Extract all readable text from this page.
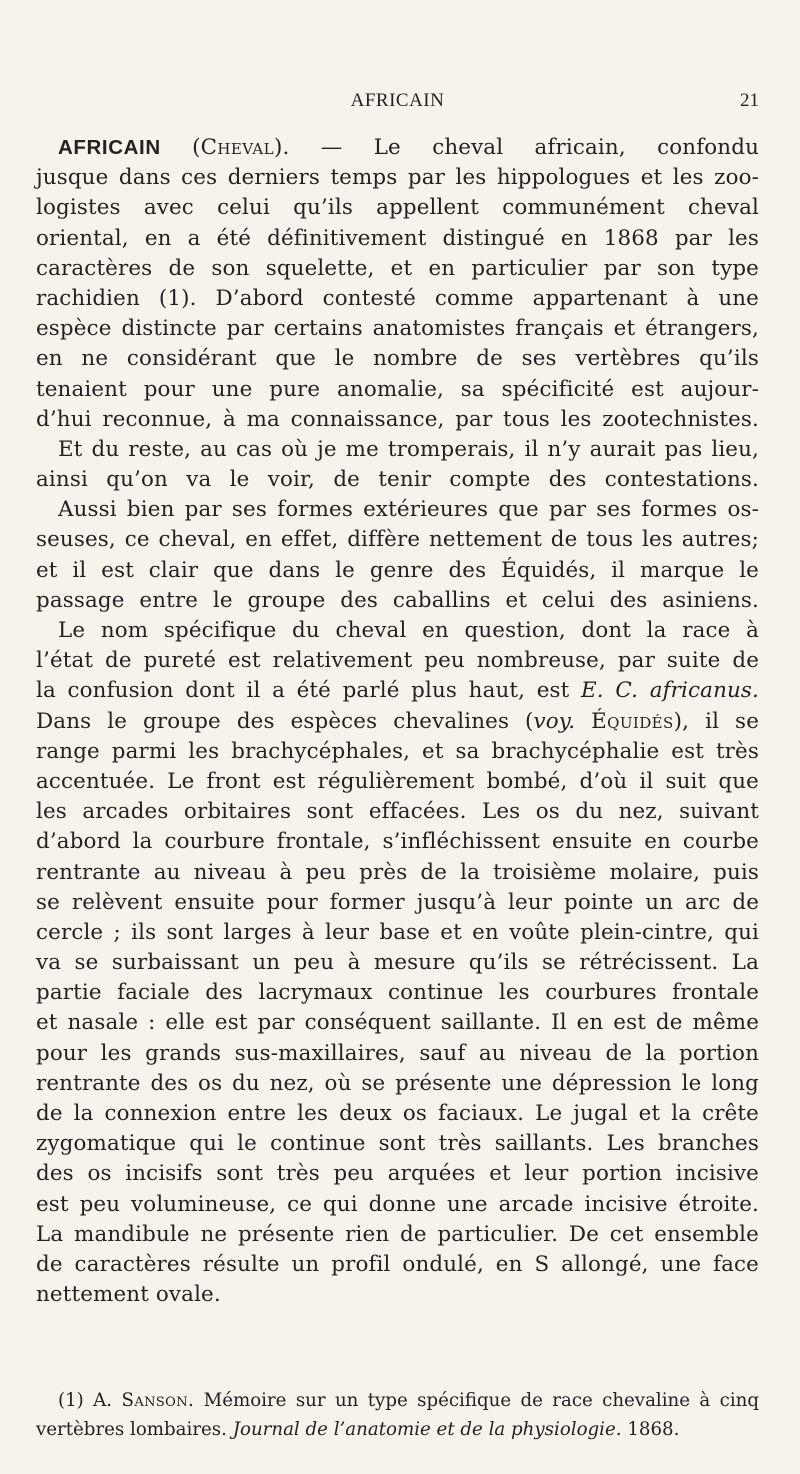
AFRICAIN	21
AFRICAIN (Cheval). — Le cheval africain, confondu
jusque dans ces derniers temps par les hippologues et les zoo-
logistes avec celui qu’ils appellent communément cheval
oriental, en a été définitivement distingué en 1868 par les
caractères de son squelette, et en particulier par son type
rachidien (1). D’abord contesté comme appartenant à une
espèce distincte par certains anatomistes français et étrangers,
en ne considérant que le nombre de ses vertèbres qu’ils
tenaient pour une pure anomalie, sa spécificité est aujour-
d’hui reconnue, à ma connaissance, par tous les zootechnistes.
Et du reste, au cas où je me tromperais, il n’y aurait pas lieu,
ainsi qu’on va le voir, de tenir compte des contestations.
Aussi bien par ses formes extérieures que par ses formes os-
seuses, ce cheval, en effet, diffère nettement de tous les autres;
et il est clair que dans le genre des Équidés, il marque le
passage entre le groupe des caballins et celui des asiniens.
Le nom spécifique du cheval en question, dont la race à
l’état de pureté est relativement peu nombreuse, par suite de
la confusion dont il a été parlé plus haut, est E. C. africanus.
Dans le groupe des espèces chevalines (voy. Équidés), il se
range parmi les brachycéphales, et sa brachycéphalie est très
accentuée. Le front est régulièrement bombé, d’où il suit que
les arcades orbitaires sont effacées. Les os du nez, suivant
d’abord la courbure frontale, s’infléchissent ensuite en courbe
rentrante au niveau à peu près de la troisième molaire, puis
se relèvent ensuite pour former jusqu’à leur pointe un arc de
cercle ; ils sont larges à leur base et en voûte plein-cintre, qui
va se surbaissant un peu à mesure qu’ils se rétrécissent. La
partie faciale des lacrymaux continue les courbures frontale
et nasale : elle est par conséquent saillante. Il en est de même
pour les grands sus-maxillaires, sauf au niveau de la portion
rentrante des os du nez, où se présente une dépression le long
de la connexion entre les deux os faciaux. Le jugal et la crête
zygomatique qui le continue sont très saillants. Les branches
des os incisifs sont très peu arquées et leur portion incisive
est peu volumineuse, ce qui donne une arcade incisive étroite.
La mandibule ne présente rien de particulier. De cet ensemble
de caractères résulte un profil ondulé, en S allongé, une face
nettement ovale.
(1) A. Sanson. Mémoire sur un type spécifique de race chevaline à cinq
vertèbres lombaires. Journal de l’anatomie et de la physiologie. 1868.
